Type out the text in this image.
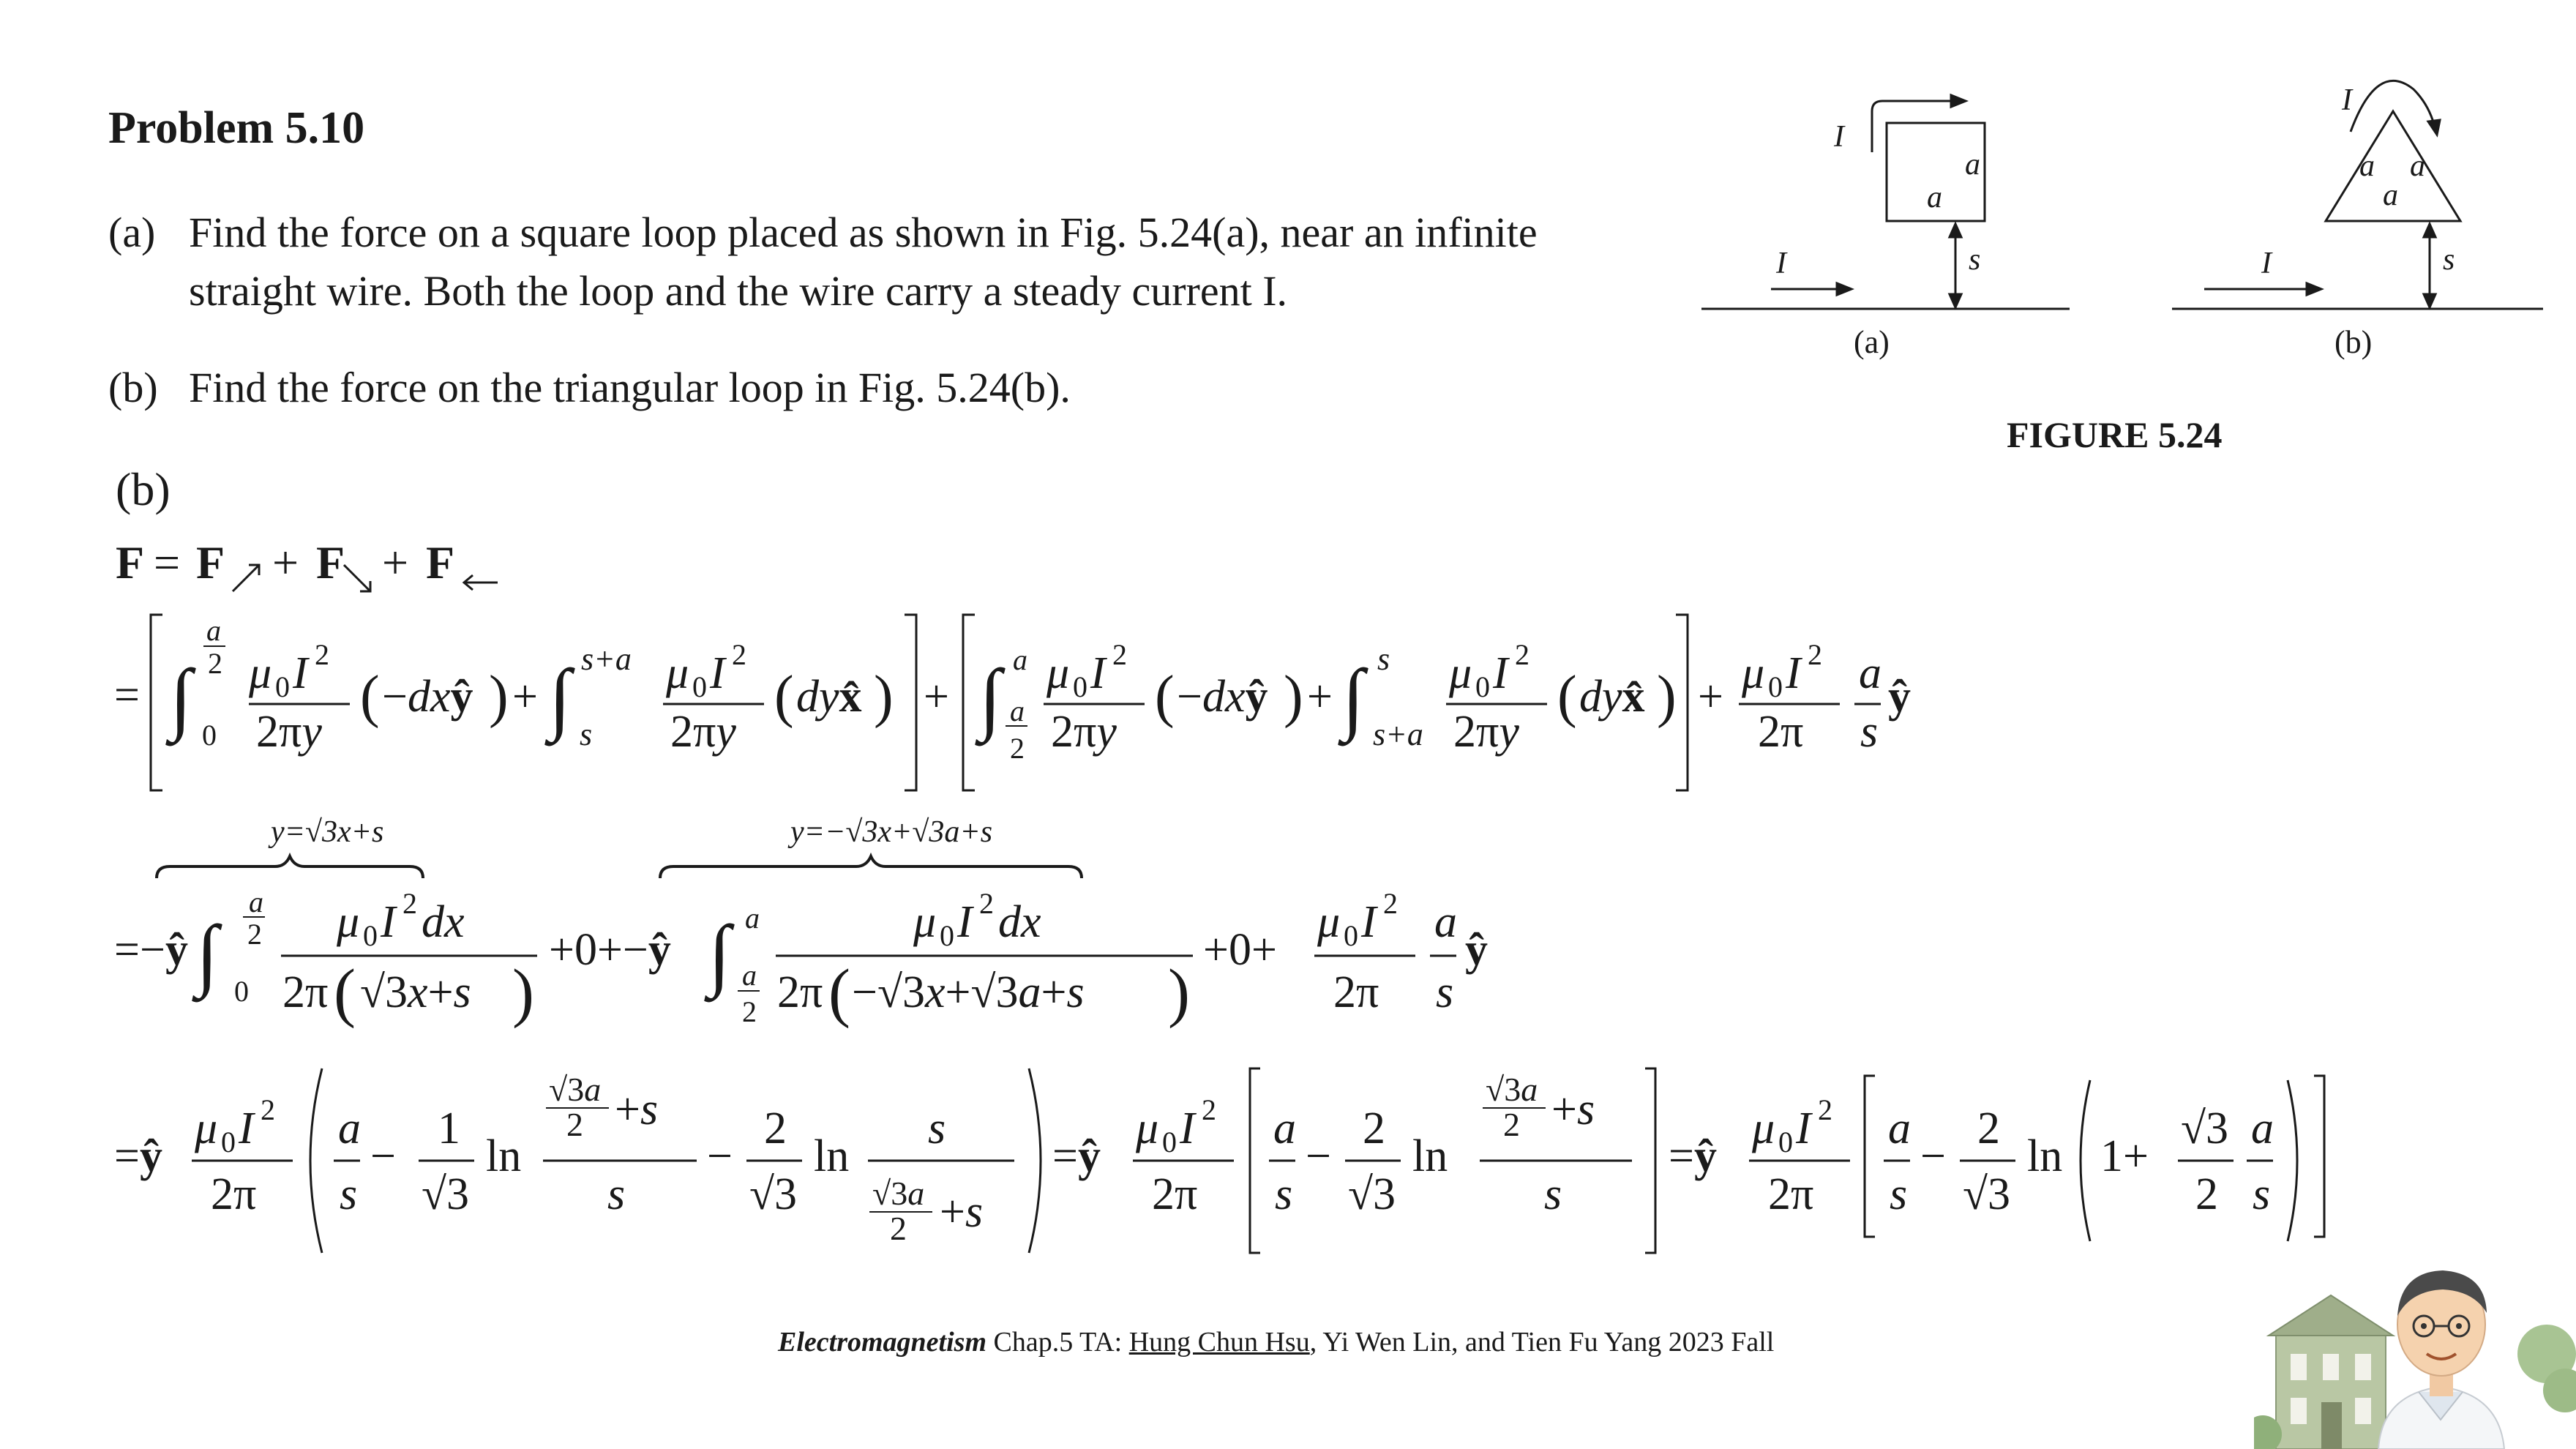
Problem 5.10
(a) Find the force on a square loop placed as shown in Fig. 5.24(a), near an infinite
straight wire. Both the loop and the wire carry a steady current I.
(b) Find the force on the triangular loop in Fig. 5.24(b).
I
a
a
I	s
(a)
I
a a
a
I	s
(b)
FIGURE 5.24
(b)
F = F + F + F
= ∫
a
2
0
μ 0 I 2
2πy
( −dxŷ ) + ∫ s+a
s
μ 0 I 2
2πy
( dyx̂ ) + ∫ a
a
2
μ 0 I 2
2πy
( −dxŷ ) + ∫ s
s+a
μ 0 I 2
2πy
( dyx̂ ) + μ 0 I 2
2π
a
s
ŷ
y=√3x+s	y=−√3x+√3a+s
=−ŷ ∫
a
2
0
μ 0 I 2 dx
2π ( √3x+s )
+0+−ŷ ∫ a
a
2
μ 0 I 2 dx
2π ( −√3x+√3a+s )
+0+
μ 0 I 2
2π
a
s
ŷ
=ŷ
μ 0 I 2
2π
a
s
−
1
√3
ln
√3a
2 +s
s
−
2
√3
ln
s
√3a
2 +s
=ŷ
μ 0 I 2
2π
a
s
−
2
√3
ln
√3a
2 +s
s
=ŷ
μ 0 I 2
2π
a
s
−
2
√3
ln 1+
√3
2
a
s
Electromagnetism Chap.5 TA: Hung Chun Hsu, Yi Wen Lin, and Tien Fu Yang 2023 Fall
